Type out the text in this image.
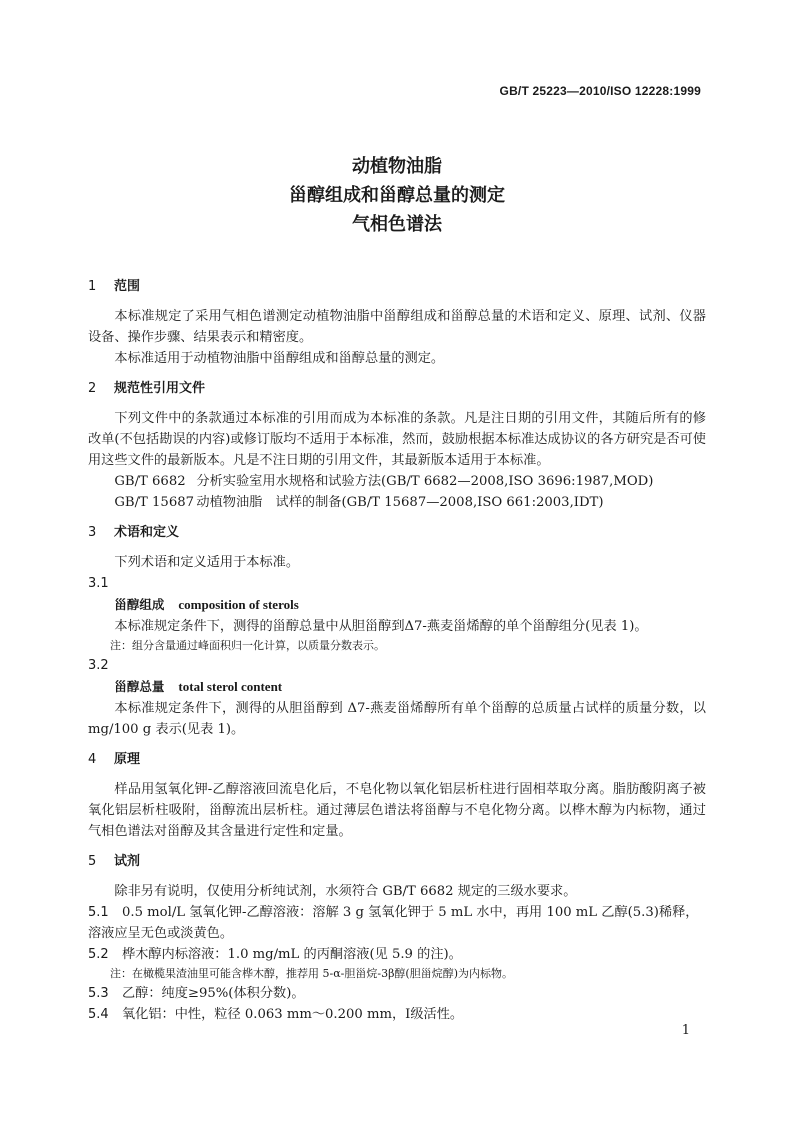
GB/T 25223—2010/ISO 12228:1999
动植物油脂
甾醇组成和甾醇总量的测定
气相色谱法
1 范围

本标准规定了采用气相色谱测定动植物油脂中甾醇组成和甾醇总量的术语和定义、原理、试剂、仪器设备、操作步骤、结果表示和精密度。

本标准适用于动植物油脂中甾醇组成和甾醇总量的测定。

2 规范性引用文件

下列文件中的条款通过本标准的引用而成为本标准的条款。凡是注日期的引用文件，其随后所有的修改单(不包括勘误的内容)或修订版均不适用于本标准，然而，鼓励根据本标准达成协议的各方研究是否可使用这些文件的最新版本。凡是不注日期的引用文件，其最新版本适用于本标准。

GB/T 6682 分析实验室用水规格和试验方法(GB/T 6682—2008,ISO 3696:1987,MOD)

GB/T 15687 动植物油脂　试样的制备(GB/T 15687—2008,ISO 661:2003,IDT)

3 术语和定义

下列术语和定义适用于本标准。

3.1

甾醇组成 composition of sterols

本标准规定条件下，测得的甾醇总量中从胆甾醇到Δ7-燕麦甾烯醇的单个甾醇组分(见表 1)。

注：组分含量通过峰面积归一化计算，以质量分数表示。

3.2

甾醇总量 total sterol content

本标准规定条件下，测得的从胆甾醇到 Δ7-燕麦甾烯醇所有单个甾醇的总质量占试样的质量分数，以 mg/100 g 表示(见表 1)。

4 原理

样品用氢氧化钾-乙醇溶液回流皂化后，不皂化物以氧化铝层析柱进行固相萃取分离。脂肪酸阴离子被氧化铝层析柱吸附，甾醇流出层析柱。通过薄层色谱法将甾醇与不皂化物分离。以桦木醇为内标物，通过气相色谱法对甾醇及其含量进行定性和定量。

5 试剂

除非另有说明，仅使用分析纯试剂，水须符合 GB/T 6682 规定的三级水要求。

5.1 0.5 mol/L 氢氧化钾-乙醇溶液：溶解 3 g 氢氧化钾于 5 mL 水中，再用 100 mL 乙醇(5.3)稀释，溶液应呈无色或淡黄色。

5.2 桦木醇内标溶液：1.0 mg/mL 的丙酮溶液(见 5.9 的注)。

注：在橄榄果渣油里可能含桦木醇，推荐用 5-α-胆甾烷-3β醇(胆甾烷醇)为内标物。

5.3 乙醇：纯度≥95%(体积分数)。

5.4 氧化铝：中性，粒径 0.063 mm～0.200 mm，Ⅰ级活性。

1
